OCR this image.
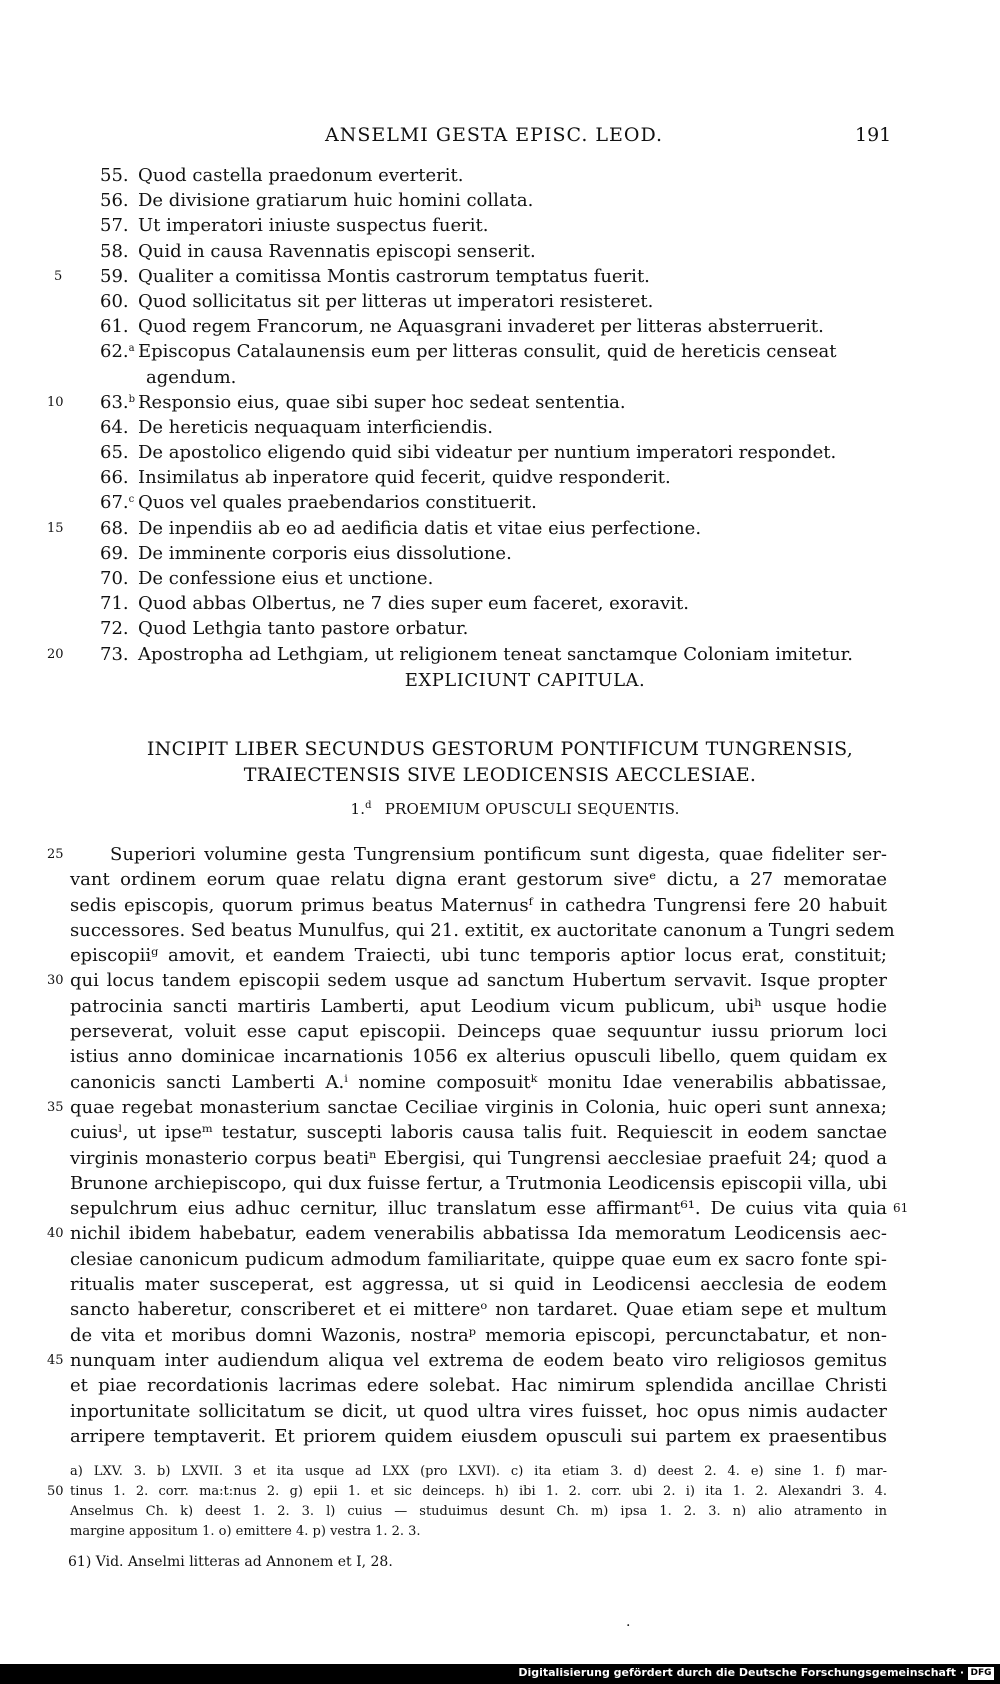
ANSELMI GESTA EPISC. LEOD.	191
55. Quod castella praedonum everterit.
56. De divisione gratiarum huic homini collata.
57. Ut imperatori iniuste suspectus fuerit.
58. Quid in causa Ravennatis episcopi senserit.
5 59. Qualiter a comitissa Montis castrorum temptatus fuerit.
60. Quod sollicitatus sit per litteras ut imperatori resisteret.
61. Quod regem Francorum, ne Aquasgrani invaderet per litteras absterruerit.
62.$^a$ Episcopus Catalaunensis eum per litteras consulit, quid de hereticis censeat
agendum.
10 63.$^b$ Responsio eius, quae sibi super hoc sedeat sententia.
64. De hereticis nequaquam interficiendis.
65. De apostolico eligendo quid sibi videatur per nuntium imperatori respondet.
66. Insimilatus ab inperatore quid fecerit, quidve responderit.
67.$^c$ Quos vel quales praebendarios constituerit.
15 68. De inpendiis ab eo ad aedificia datis et vitae eius perfectione.
69. De imminente corporis eius dissolutione.
70. De confessione eius et unctione.
71. Quod abbas Olbertus, ne 7 dies super eum faceret, exoravit.
72. Quod Lethgia tanto pastore orbatur.
20 73. Apostropha ad Lethgiam, ut religionem teneat sanctamque Coloniam imitetur.
EXPLICIUNT CAPITULA.
INCIPIT LIBER SECUNDUS GESTORUM PONTIFICUM TUNGRENSIS, TRAIECTENSIS SIVE LEODICENSIS AECCLESIAE.
1.$^d$ PROEMIUM OPUSCULI SEQUENTIS.
25	Superiori volumine gesta Tungrensium pontificum sunt digesta, quae fideliter ser-
vant ordinem eorum quae relatu digna erant gestorum siveᵉ dictu, a 27 memoratae
sedis episcopis, quorum primus beatus Maternusᶠ in cathedra Tungrensi fere 20 habuit
successores. Sed beatus Munulfus, qui 21. extitit, ex auctoritate canonum a Tungri sedem
episcopiiᵍ amovit, et eandem Traiecti, ubi tunc temporis aptior locus erat, constituit;
30 qui locus tandem episcopii sedem usque ad sanctum Hubertum servavit. Isque propter
patrocinia sancti martiris Lamberti, aput Leodium vicum publicum, ubiʰ usque hodie
perseverat, voluit esse caput episcopii. Deinceps quae sequuntur iussu priorum loci
istius anno dominicae incarnationis 1056 ex alterius opusculi libello, quem quidam ex
canonicis sancti Lamberti A.ⁱ nomine composuitᵏ monitu Idae venerabilis abbatissae,
35 quae regebat monasterium sanctae Ceciliae virginis in Colonia, huic operi sunt annexa;
cuiusˡ, ut ipseᵐ testatur, suscepti laboris causa talis fuit. Requiescit in eodem sanctae
virginis monasterio corpus beatiⁿ Ebergisi, qui Tungrensi aecclesiae praefuit 24; quod a
Brunone archiepiscopo, qui dux fuisse fertur, a Trutmonia Leodicensis episcopii villa, ubi
sepulchrum eius adhuc cernitur, illuc translatum esse affirmant⁶¹. De cuius vita quia 61
40 nichil ibidem habebatur, eadem venerabilis abbatissa Ida memoratum Leodicensis aec-
clesiae canonicum pudicum admodum familiaritate, quippe quae eum ex sacro fonte spi-
ritualis mater susceperat, est aggressa, ut si quid in Leodicensi aecclesia de eodem
sancto haberetur, conscriberet et ei mittereᵒ non tardaret. Quae etiam sepe et multum
de vita et moribus domni Wazonis, nostraᵖ memoria episcopi, percunctabatur, et non-
45 nunquam inter audiendum aliqua vel extrema de eodem beato viro religiosos gemitus
et piae recordationis lacrimas edere solebat. Hac nimirum splendida ancillae Christi
inportunitate sollicitatum se dicit, ut quod ultra vires fuisset, hoc opus nimis audacter
arripere temptaverit. Et priorem quidem eiusdem opusculi sui partem ex praesentibus
a) LXV. 3. b) LXVII. 3 et ita usque ad LXX (pro LXVI). c) ita etiam 3. d) deest 2. 4. e) sine 1. f) mar-
50 tinus 1. 2. corr. ma:t:nus 2. g) epii 1. et sic deinceps. h) ibi 1. 2. corr. ubi 2. i) ita 1. 2. Alexandri 3. 4.
Anselmus Ch. k) deest 1. 2. 3. l) cuius — studuimus desunt Ch. m) ipsa 1. 2. 3. n) alio atramento in
margine appositum 1. o) emittere 4. p) vestra 1. 2. 3.
61) Vid. Anselmi litteras ad Annonem et I, 28.
.
Digitalisierung gefördert durch die Deutsche Forschungsgemeinschaft · DFG
